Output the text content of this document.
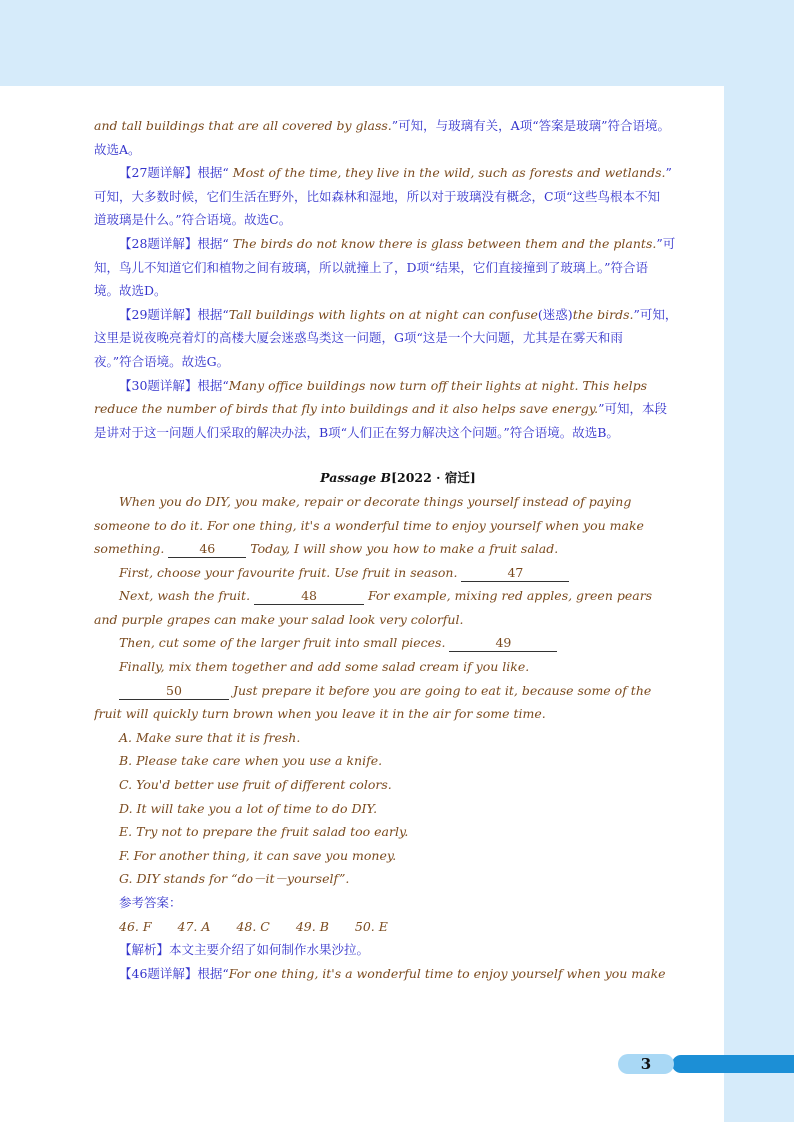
and tall buildings that are all covered by glass.”可知，与玻璃有关，A项“答案是玻璃”符合语境。
故选A。
【27题详解】根据“ Most of the time, they live in the wild, such as forests and wetlands.”
可知，大多数时候，它们生活在野外，比如森林和湿地，所以对于玻璃没有概念，C项“这些鸟根本不知
道玻璃是什么。”符合语境。故选C。
【28题详解】根据“ The birds do not know there is glass between them and the plants.”可
知，鸟儿不知道它们和植物之间有玻璃，所以就撞上了，D项“结果，它们直接撞到了玻璃上。”符合语
境。故选D。
【29题详解】根据“Tall buildings with lights on at night can confuse(迷惑)the birds.”可知，
这里是说夜晚亮着灯的高楼大厦会迷惑鸟类这一问题，G项“这是一个大问题，尤其是在雾天和雨
夜。”符合语境。故选G。
【30题详解】根据“Many office buildings now turn off their lights at night. This helps
reduce the number of birds that fly into buildings and it also helps save energy.”可知，本段
是讲对于这一问题人们采取的解决办法，B项“人们正在努力解决这个问题。”符合语境。故选B。
Passage B[2022 · 宿迁]
When you do DIY, you make, repair or decorate things yourself instead of paying
someone to do it. For one thing, it's a wonderful time to enjoy yourself when you make
something.	46	Today, I will show you how to make a fruit salad.
First, choose your favourite fruit. Use fruit in season.	47
Next, wash the fruit.	48	For example, mixing red apples, green pears
and purple grapes can make your salad look very colorful.
Then, cut some of the larger fruit into small pieces.	49
Finally, mix them together and add some salad cream if you like.
50	Just prepare it before you are going to eat it, because some of the
fruit will quickly turn brown when you leave it in the air for some time.
A. Make sure that it is fresh.
B. Please take care when you use a knife.
C. You'd better use fruit of different colors.
D. It will take you a lot of time to do DIY.
E. Try not to prepare the fruit salad too early.
F. For another thing, it can save you money.
G. DIY stands for “do－it－yourself”.
参考答案：
46. F 47. A 48. C 49. B 50. E
【解析】本文主要介绍了如何制作水果沙拉。
【46题详解】根据“For one thing, it's a wonderful time to enjoy yourself when you make
3
